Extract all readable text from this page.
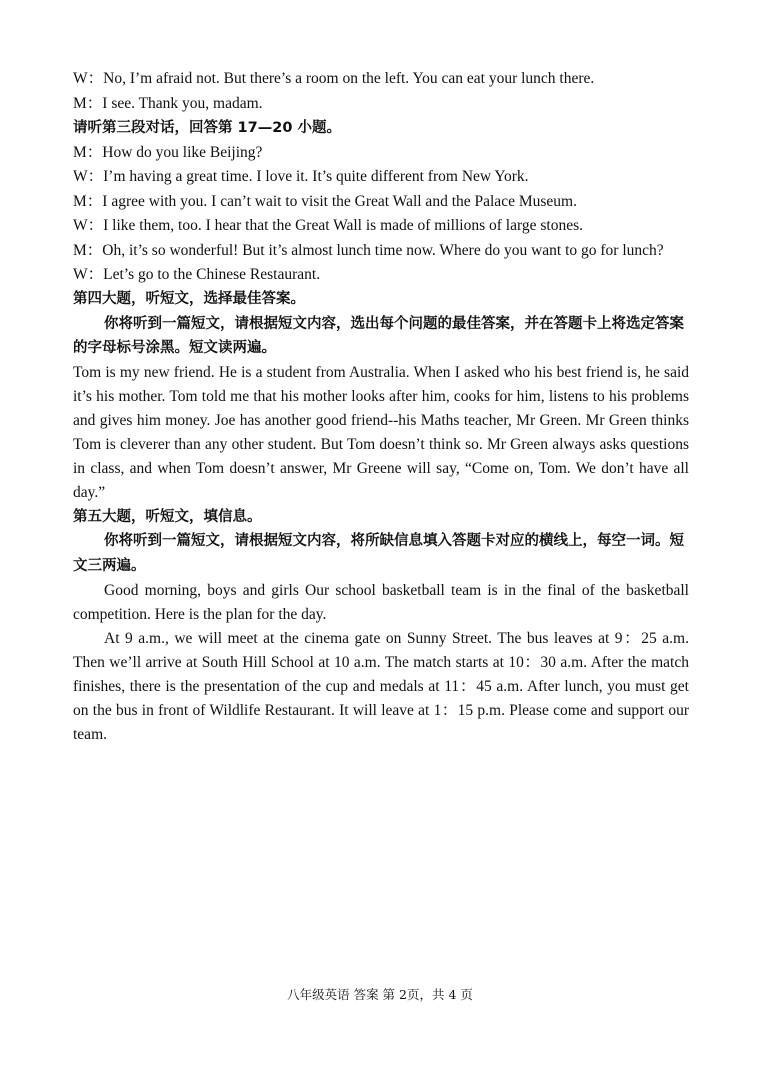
W：No, I’m afraid not. But there’s a room on the left. You can eat your lunch there.
M：I see. Thank you, madam.
请听第三段对话，回答第 17—20 小题。
M：How do you like Beijing?
W：I’m having a great time. I love it. It’s quite different from New York.
M：I agree with you. I can’t wait to visit the Great Wall and the Palace Museum.
W：I like them, too. I hear that the Great Wall is made of millions of large stones.
M：Oh, it’s so wonderful! But it’s almost lunch time now. Where do you want to go for lunch?
W：Let’s go to the Chinese Restaurant.
第四大题，听短文，选择最佳答案。
你将听到一篇短文，请根据短文内容，选出每个问题的最佳答案，并在答题卡上将选定答案的字母标号涂黑。短文读两遍。
Tom is my new friend. He is a student from Australia. When I asked who his best friend is, he said it’s his mother. Tom told me that his mother looks after him, cooks for him, listens to his problems and gives him money. Joe has another good friend--his Maths teacher, Mr Green. Mr Green thinks Tom is cleverer than any other student. But Tom doesn’t think so. Mr Green always asks questions in class, and when Tom doesn’t answer, Mr Greene will say, “Come on, Tom. We don’t have all day.”
第五大题，听短文，填信息。
你将听到一篇短文，请根据短文内容，将所缺信息填入答题卡对应的横线上，每空一词。短文三两遍。
Good morning, boys and girls Our school basketball team is in the final of the basketball competition. Here is the plan for the day.
At 9 a.m., we will meet at the cinema gate on Sunny Street. The bus leaves at 9：25 a.m. Then we’ll arrive at South Hill School at 10 a.m. The match starts at 10：30 a.m. After the match finishes, there is the presentation of the cup and medals at 11：45 a.m. After lunch, you must get on the bus in front of Wildlife Restaurant. It will leave at 1：15 p.m. Please come and support our team.
八年级英语 答案 第 2页，共 4 页
